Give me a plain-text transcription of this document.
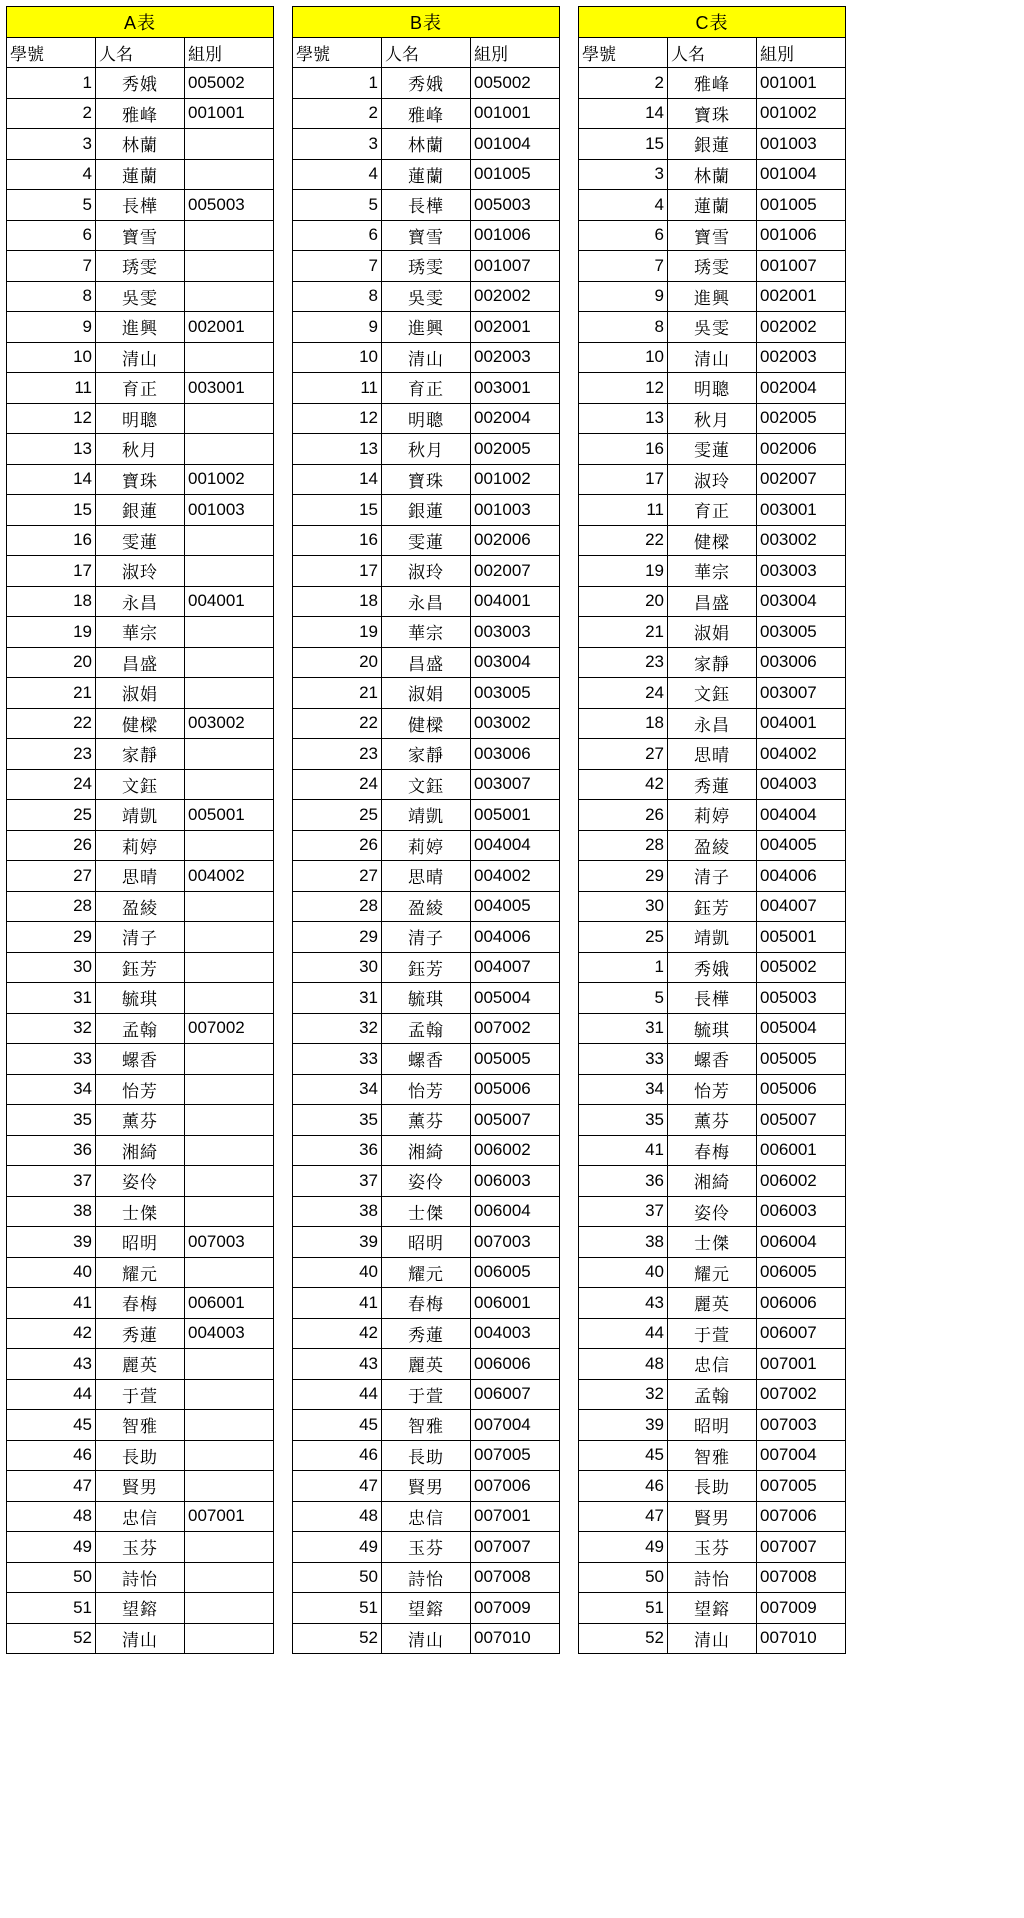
A表		
學號	人名	組別
1	秀娥	005002
2	雅峰	001001
3	林蘭	
4	蓮蘭	
5	長樺	005003
6	寶雪	
7	琇雯	
8	吳雯	
9	進興	002001
10	清山	
11	育正	003001
12	明聰	
13	秋月	
14	寶珠	001002
15	銀蓮	001003
16	雯蓮	
17	淑玲	
18	永昌	004001
19	華宗	
20	昌盛	
21	淑娟	
22	健樑	003002
23	家靜	
24	文鈺	
25	靖凱	005001
26	莉婷	
27	思晴	004002
28	盈綾	
29	清子	
30	鈺芳	
31	毓琪	
32	孟翰	007002
33	螺香	
34	怡芳	
35	薰芬	
36	湘綺	
37	姿伶	
38	士傑	
39	昭明	007003
40	耀元	
41	春梅	006001
42	秀蓮	004003
43	麗英	
44	于萱	
45	智雅	
46	長助	
47	賢男	
48	忠信	007001
49	玉芬	
50	詩怡	
51	望鎔	
52	清山	
B表		
學號	人名	組別
1	秀娥	005002
2	雅峰	001001
3	林蘭	001004
4	蓮蘭	001005
5	長樺	005003
6	寶雪	001006
7	琇雯	001007
8	吳雯	002002
9	進興	002001
10	清山	002003
11	育正	003001
12	明聰	002004
13	秋月	002005
14	寶珠	001002
15	銀蓮	001003
16	雯蓮	002006
17	淑玲	002007
18	永昌	004001
19	華宗	003003
20	昌盛	003004
21	淑娟	003005
22	健樑	003002
23	家靜	003006
24	文鈺	003007
25	靖凱	005001
26	莉婷	004004
27	思晴	004002
28	盈綾	004005
29	清子	004006
30	鈺芳	004007
31	毓琪	005004
32	孟翰	007002
33	螺香	005005
34	怡芳	005006
35	薰芬	005007
36	湘綺	006002
37	姿伶	006003
38	士傑	006004
39	昭明	007003
40	耀元	006005
41	春梅	006001
42	秀蓮	004003
43	麗英	006006
44	于萱	006007
45	智雅	007004
46	長助	007005
47	賢男	007006
48	忠信	007001
49	玉芬	007007
50	詩怡	007008
51	望鎔	007009
52	清山	007010
C表		
學號	人名	組別
2	雅峰	001001
14	寶珠	001002
15	銀蓮	001003
3	林蘭	001004
4	蓮蘭	001005
6	寶雪	001006
7	琇雯	001007
9	進興	002001
8	吳雯	002002
10	清山	002003
12	明聰	002004
13	秋月	002005
16	雯蓮	002006
17	淑玲	002007
11	育正	003001
22	健樑	003002
19	華宗	003003
20	昌盛	003004
21	淑娟	003005
23	家靜	003006
24	文鈺	003007
18	永昌	004001
27	思晴	004002
42	秀蓮	004003
26	莉婷	004004
28	盈綾	004005
29	清子	004006
30	鈺芳	004007
25	靖凱	005001
1	秀娥	005002
5	長樺	005003
31	毓琪	005004
33	螺香	005005
34	怡芳	005006
35	薰芬	005007
41	春梅	006001
36	湘綺	006002
37	姿伶	006003
38	士傑	006004
40	耀元	006005
43	麗英	006006
44	于萱	006007
48	忠信	007001
32	孟翰	007002
39	昭明	007003
45	智雅	007004
46	長助	007005
47	賢男	007006
49	玉芬	007007
50	詩怡	007008
51	望鎔	007009
52	清山	007010
